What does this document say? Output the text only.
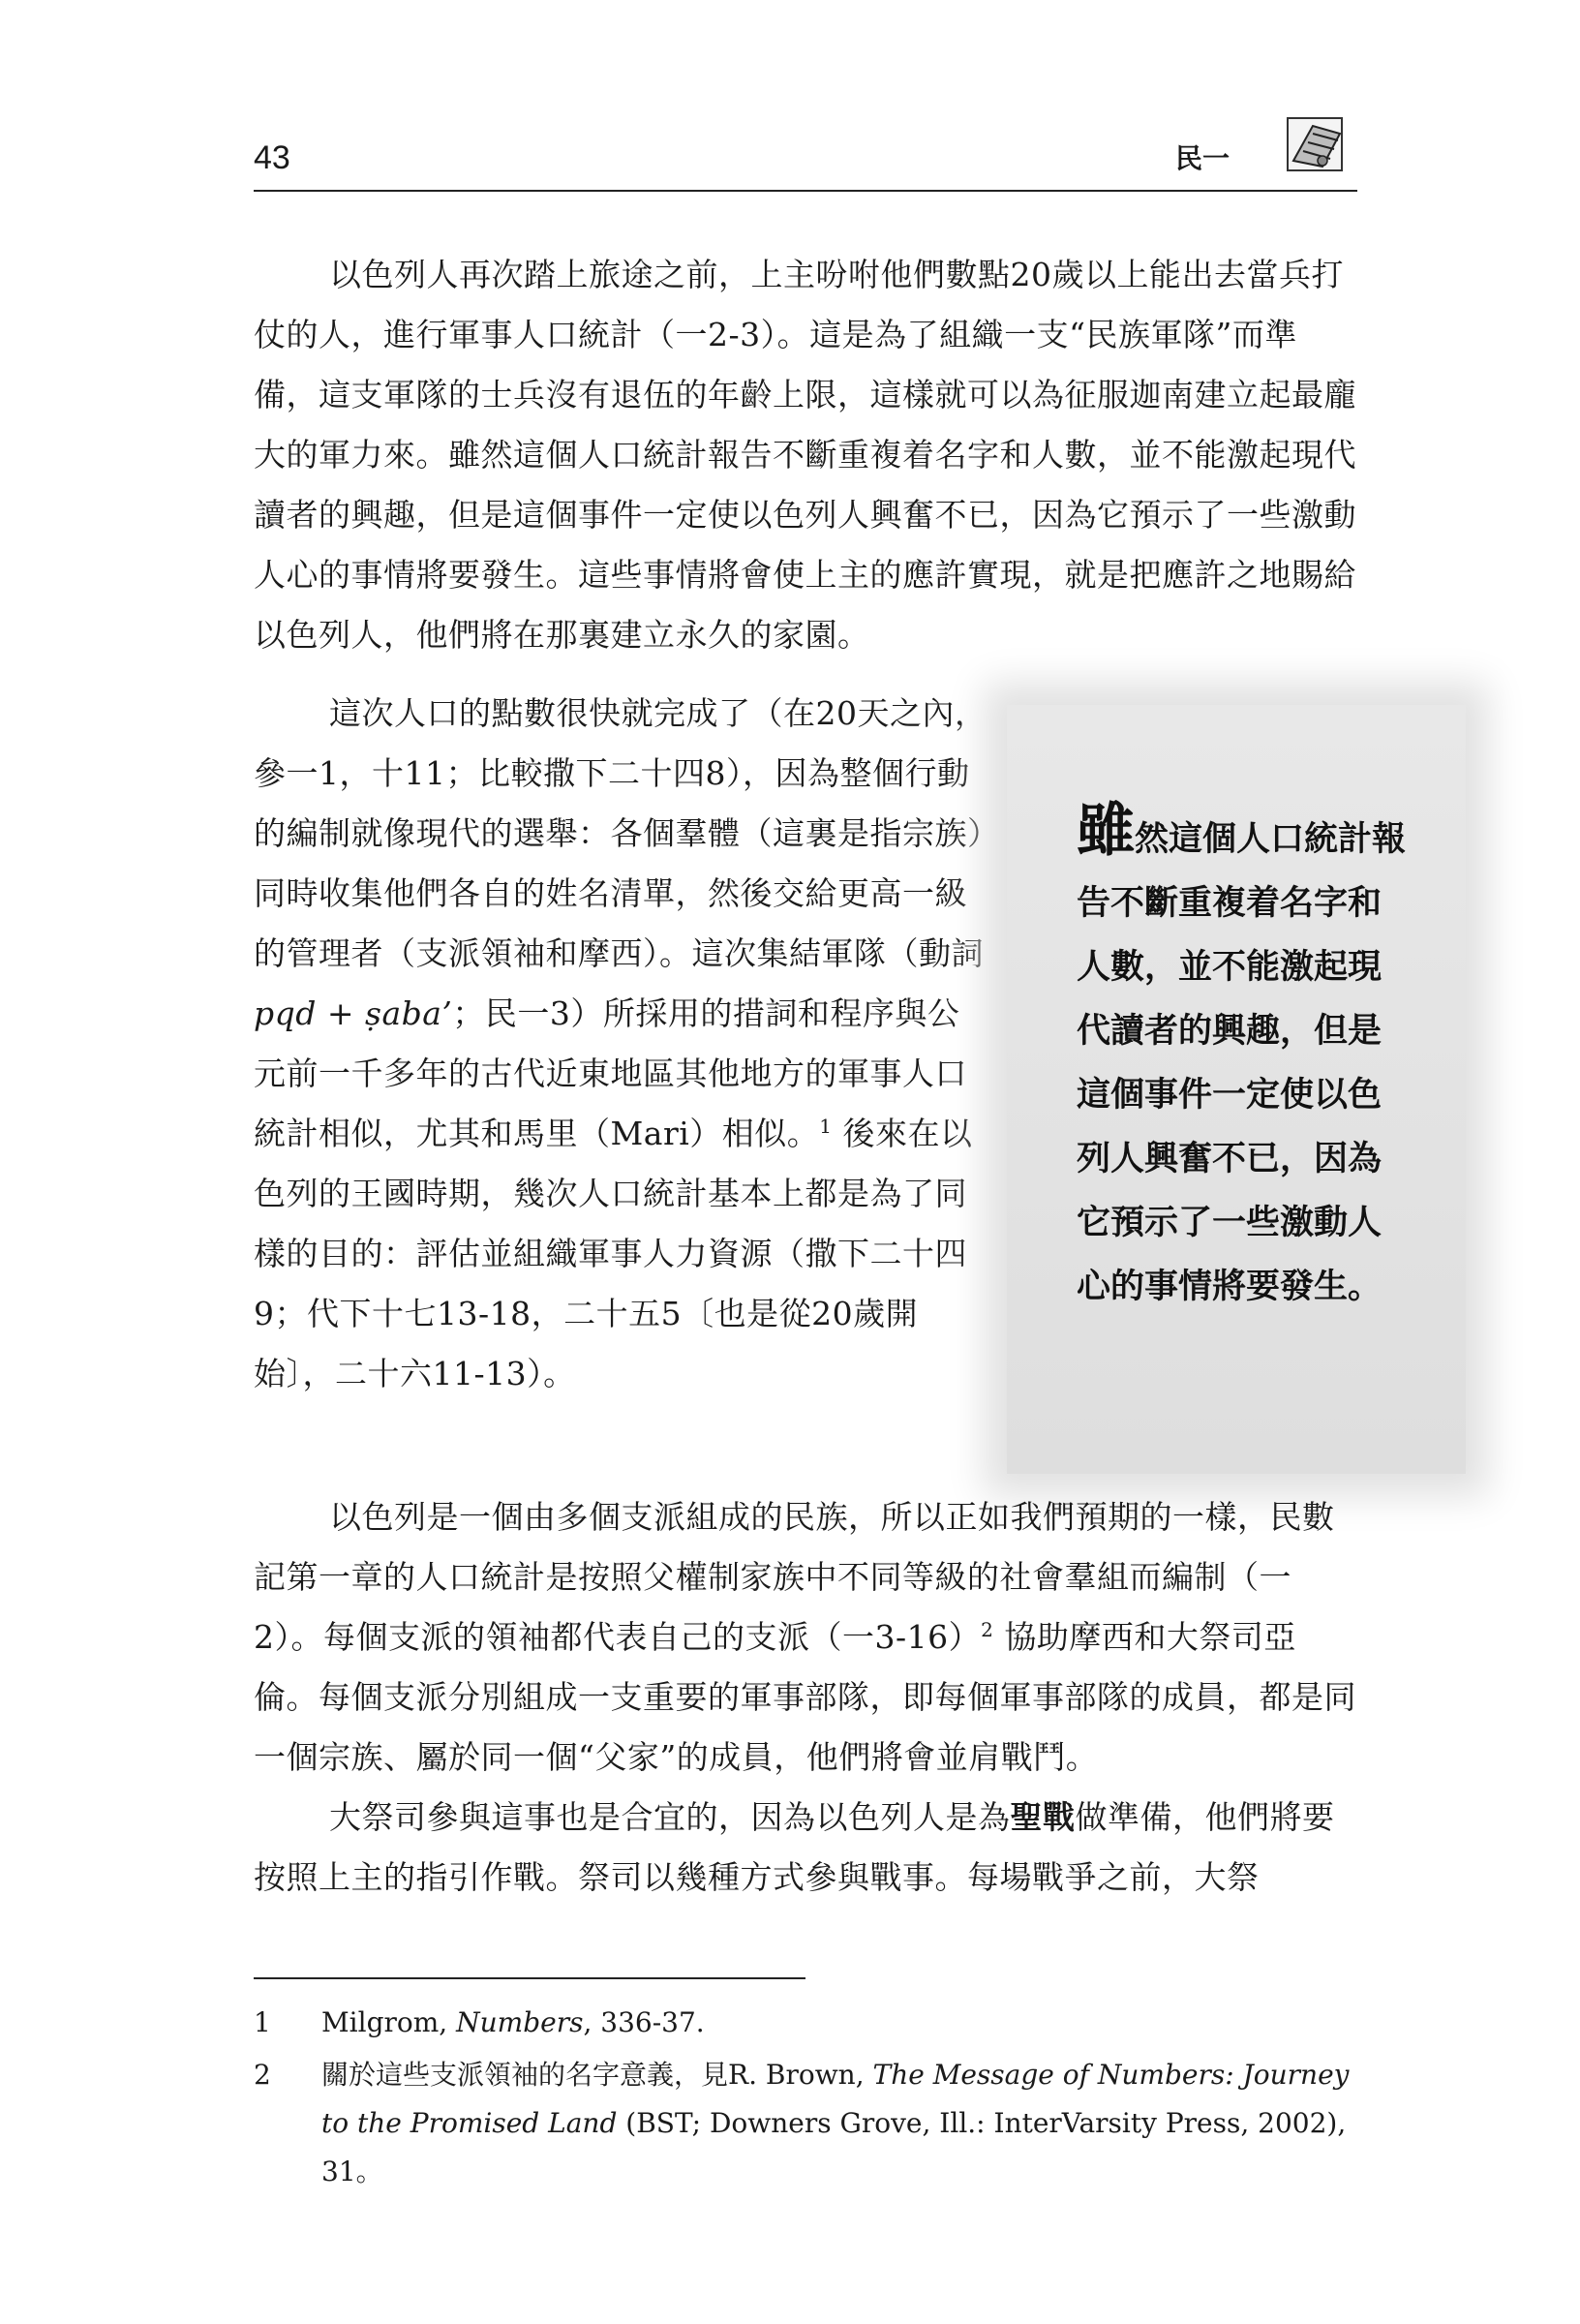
43	民一

以色列人再次踏上旅途之前，上主吩咐他們數點20歲以上能出去當兵打仗的人，進行軍事人口統計（一2-3）。這是為了組織一支“民族軍隊”而準備，這支軍隊的士兵沒有退伍的年齡上限，這樣就可以為征服迦南建立起最龐大的軍力來。雖然這個人口統計報告不斷重複着名字和人數，並不能激起現代讀者的興趣，但是這個事件一定使以色列人興奮不已，因為它預示了一些激動人心的事情將要發生。這些事情將會使上主的應許實現，就是把應許之地賜給以色列人，他們將在那裏建立永久的家園。

這次人口的點數很快就完成了（在20天之內，參一1，十11；比較撒下二十四8），因為整個行動的編制就像現代的選舉：各個羣體（這裏是指宗族）同時收集他們各自的姓名清單，然後交給更高一級的管理者（支派領袖和摩西）。這次集結軍隊（動詞pqd + ṣaba’；民一3）所採用的措詞和程序與公元前一千多年的古代近東地區其他地方的軍事人口統計相似，尤其和馬里（Mari）相似。$^1$ 後來在以色列的王國時期，幾次人口統計基本上都是為了同樣的目的：評估並組織軍事人力資源（撒下二十四9；代下十七13-18，二十五5〔也是從20歲開始〕，二十六11-13）。

雖然這個人口統計報告不斷重複着名字和人數，並不能激起現代讀者的興趣，但是這個事件一定使以色列人興奮不已，因為它預示了一些激動人心的事情將要發生。

以色列是一個由多個支派組成的民族，所以正如我們預期的一樣，民數記第一章的人口統計是按照父權制家族中不同等級的社會羣組而編制（一2）。每個支派的領袖都代表自己的支派（一3-16）$^2$ 協助摩西和大祭司亞倫。每個支派分別組成一支重要的軍事部隊，即每個軍事部隊的成員，都是同一個宗族、屬於同一個“父家”的成員，他們將會並肩戰鬥。

大祭司參與這事也是合宜的，因為以色列人是為聖戰做準備，他們將要按照上主的指引作戰。祭司以幾種方式參與戰事。每場戰爭之前，大祭

1 Milgrom, Numbers, 336-37.
2 關於這些支派領袖的名字意義，見R. Brown, The Message of Numbers: Journey to the Promised Land (BST; Downers Grove, Ill.: InterVarsity Press, 2002), 31。
